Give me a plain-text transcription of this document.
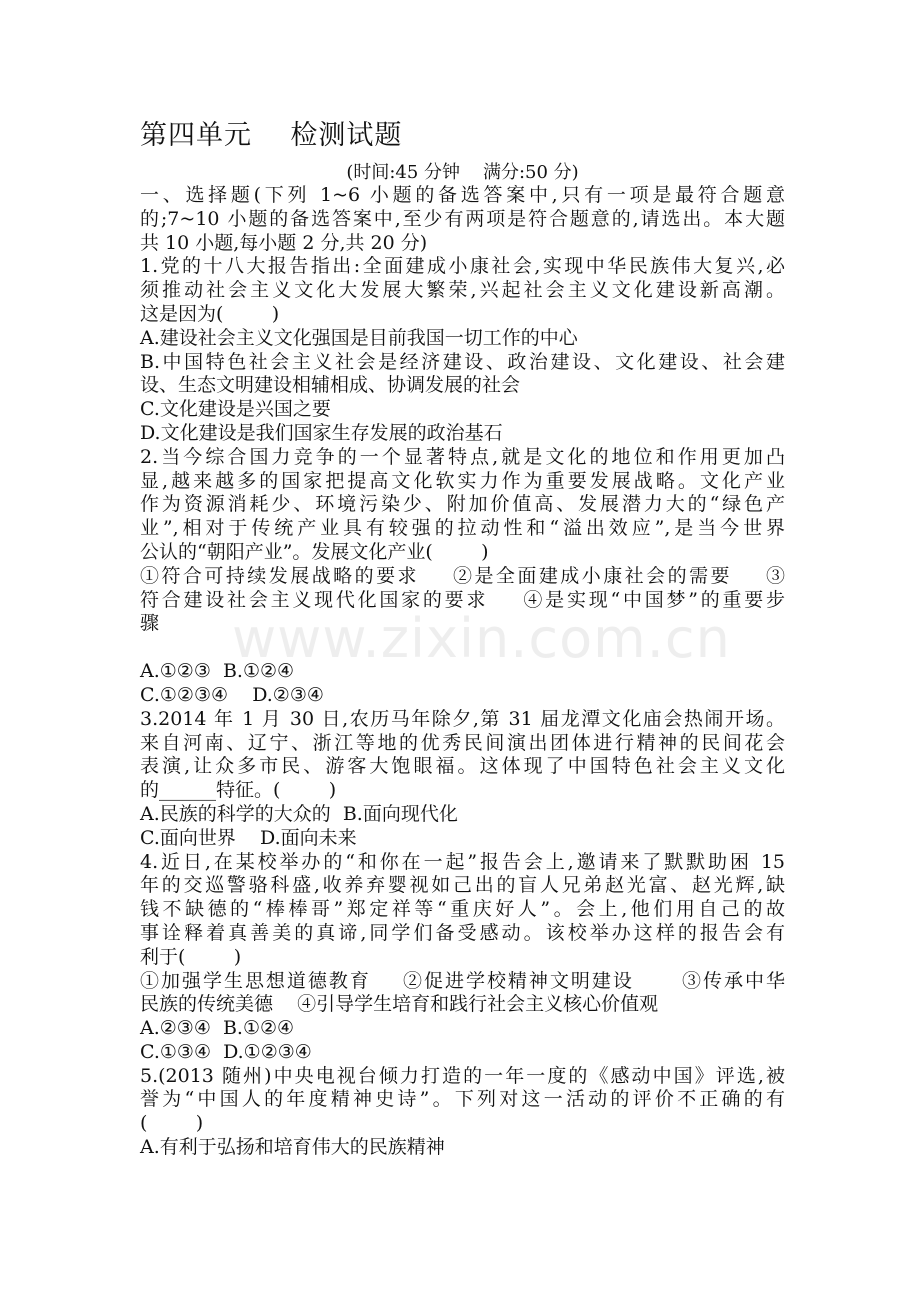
第四单元    检测试题

(时间:45 分钟    满分:50 分)

一、选择题(下列 1~6 小题的备选答案中,只有一项是最符合题意
的;7~10 小题的备选答案中,至少有两项是符合题意的,请选出。本大题
共 10 小题,每小题 2 分,共 20 分)
1.党的十八大报告指出:全面建成小康社会,实现中华民族伟大复兴,必
须推动社会主义文化大发展大繁荣,兴起社会主义文化建设新高潮。
这是因为(        )
A.建设社会主义文化强国是目前我国一切工作的中心
B.中国特色社会主义社会是经济建设、政治建设、文化建设、社会建
设、生态文明建设相辅相成、协调发展的社会
C.文化建设是兴国之要
D.文化建设是我们国家生存发展的政治基石
2.当今综合国力竞争的一个显著特点,就是文化的地位和作用更加凸
显,越来越多的国家把提高文化软实力作为重要发展战略。文化产业
作为资源消耗少、环境污染少、附加价值高、发展潜力大的“绿色产
业”,相对于传统产业具有较强的拉动性和“溢出效应”,是当今世界
公认的“朝阳产业”。发展文化产业(        )
①符合可持续发展战略的要求    ②是全面建成小康社会的需要    ③
符合建设社会主义现代化国家的要求    ④是实现“中国梦”的重要步
骤
A.①②③  B.①②④
C.①②③④    D.②③④
3.2014 年 1 月 30 日,农历马年除夕,第 31 届龙潭文化庙会热闹开场。
来自河南、辽宁、浙江等地的优秀民间演出团体进行精神的民间花会
表演,让众多市民、游客大饱眼福。这体现了中国特色社会主义文化
的______特征。(        )
A.民族的科学的大众的  B.面向现代化
C.面向世界    D.面向未来
4.近日,在某校举办的“和你在一起”报告会上,邀请来了默默助困 15
年的交巡警骆科盛,收养弃婴视如己出的盲人兄弟赵光富、赵光辉,缺
钱不缺德的“棒棒哥”郑定祥等“重庆好人”。会上,他们用自己的故
事诠释着真善美的真谛,同学们备受感动。该校举办这样的报告会有
利于(        )
①加强学生思想道德教育    ②促进学校精神文明建设      ③传承中华
民族的传统美德    ④引导学生培育和践行社会主义核心价值观
A.②③④  B.①②④
C.①③④  D.①②③④
5.(2013 随州)中央电视台倾力打造的一年一度的《感动中国》评选,被
誉为“中国人的年度精神史诗”。下列对这一活动的评价不正确的有
(        )
A.有利于弘扬和培育伟大的民族精神
www.zixin.com.cn
